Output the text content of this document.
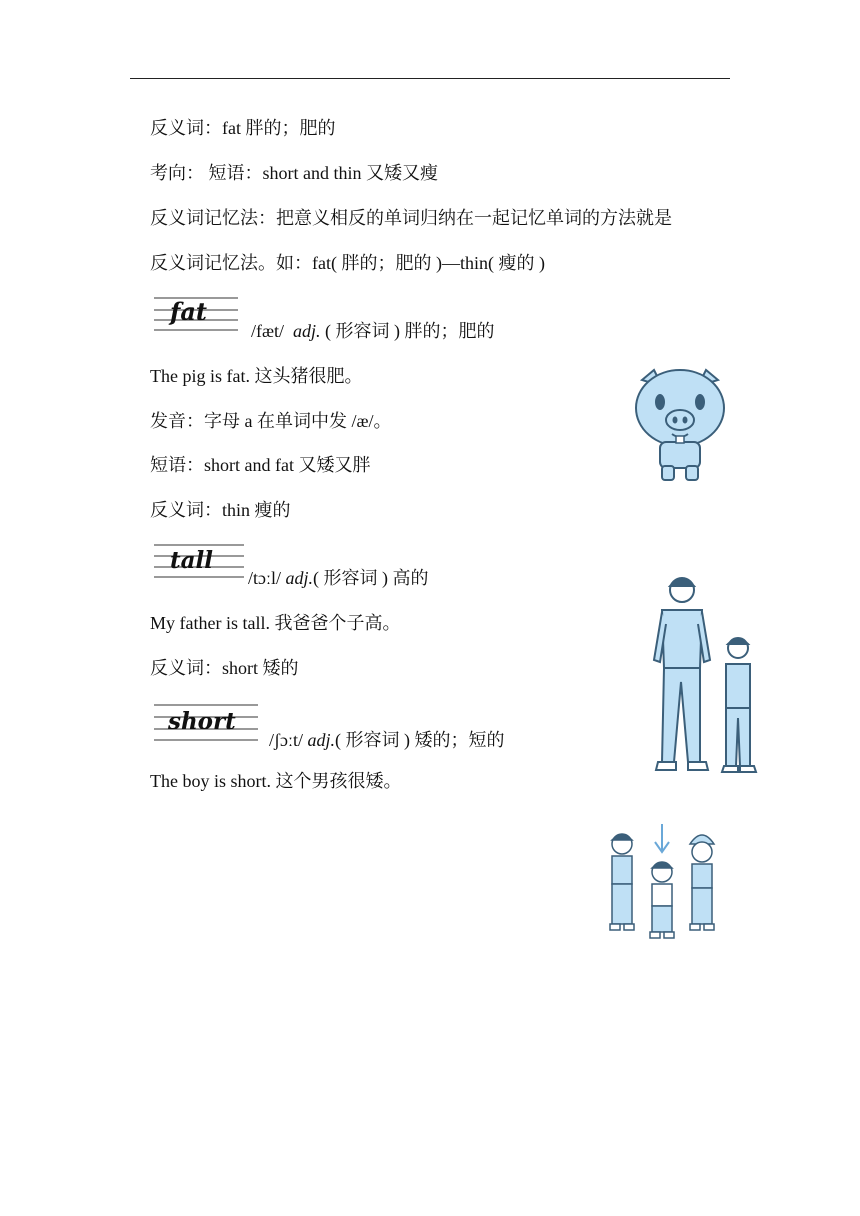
反义词：fat 胖的；肥的
考向： 短语：short and thin 又矮又瘦
反义词记忆法：把意义相反的单词归纳在一起记忆单词的方法就是
反义词记忆法。如：fat( 胖的；肥的 )—thin( 瘦的 )
fat
/fæt/ adj. ( 形容词 ) 胖的；肥的
The pig is fat. 这头猪很肥。
发音：字母 a 在单词中发 /æ/。
短语：short and fat 又矮又胖
反义词：thin 瘦的
tall
/tɔːl/ adj.( 形容词 ) 高的
My father is tall. 我爸爸个子高。
反义词：short 矮的
short
/ʃɔːt/ adj.( 形容词 ) 矮的；短的
The boy is short. 这个男孩很矮。
